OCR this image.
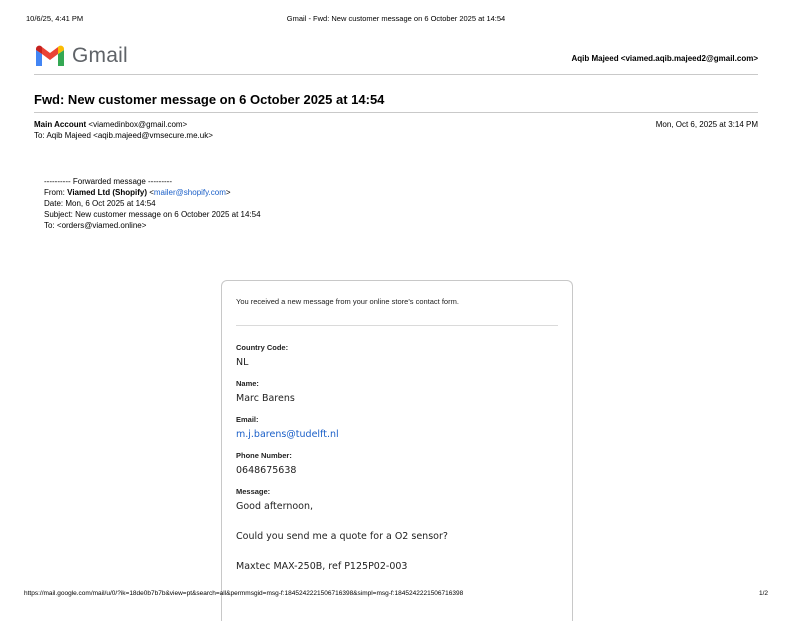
10/6/25, 4:41 PM	Gmail - Fwd: New customer message on 6 October 2025 at 14:54
Gmail	Aqib Majeed <viamed.aqib.majeed2@gmail.com>
Fwd: New customer message on 6 October 2025 at 14:54
Main Account <viamedinbox@gmail.com>
To: Aqib Majeed <aqib.majeed@vmsecure.me.uk>
Mon, Oct 6, 2025 at 3:14 PM
---------- Forwarded message ---------
From: Viamed Ltd (Shopify) <mailer@shopify.com>
Date: Mon, 6 Oct 2025 at 14:54
Subject: New customer message on 6 October 2025 at 14:54
To: <orders@viamed.online>
You received a new message from your online store's contact form.
Country Code:
NL
Name:
Marc Barens
Email:
m.j.barens@tudelft.nl
Phone Number:
0648675638
Message:
Good afternoon,
Could you send me a quote for a O2 sensor?
Maxtec MAX-250B, ref P125P02-003
https://mail.google.com/mail/u/0/?ik=18de0b7b7b&view=pt&search=all&permmsgid=msg-f:1845242221506716398&simpl=msg-f:1845242221506716398	1/2
